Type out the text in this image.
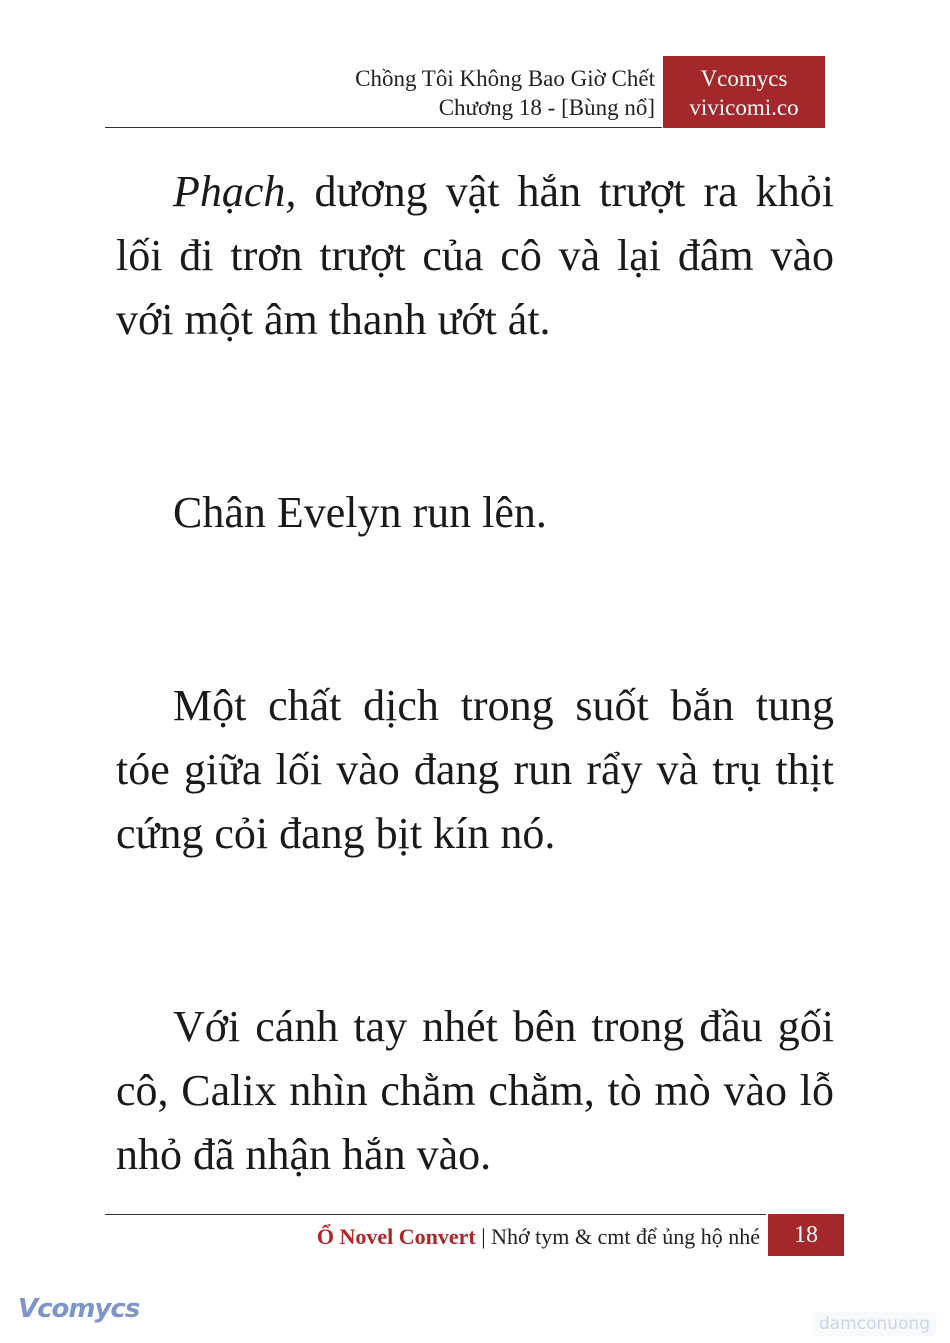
Chồng Tôi Không Bao Giờ Chết
Chương 18 - [Bùng nổ]
Vcomycs
vivicomi.co

Phạch, dương vật hắn trượt ra khỏi lối đi trơn trượt của cô và lại đâm vào với một âm thanh ướt át.

Chân Evelyn run lên.

Một chất dịch trong suốt bắn tung tóe giữa lối vào đang run rẩy và trụ thịt cứng cỏi đang bịt kín nó.

Với cánh tay nhét bên trong đầu gối cô, Calix nhìn chằm chằm, tò mò vào lỗ nhỏ đã nhận hắn vào.

Ổ Novel Convert | Nhớ tym & cmt để ủng hộ nhé	18
Vcomycs	damconuong
